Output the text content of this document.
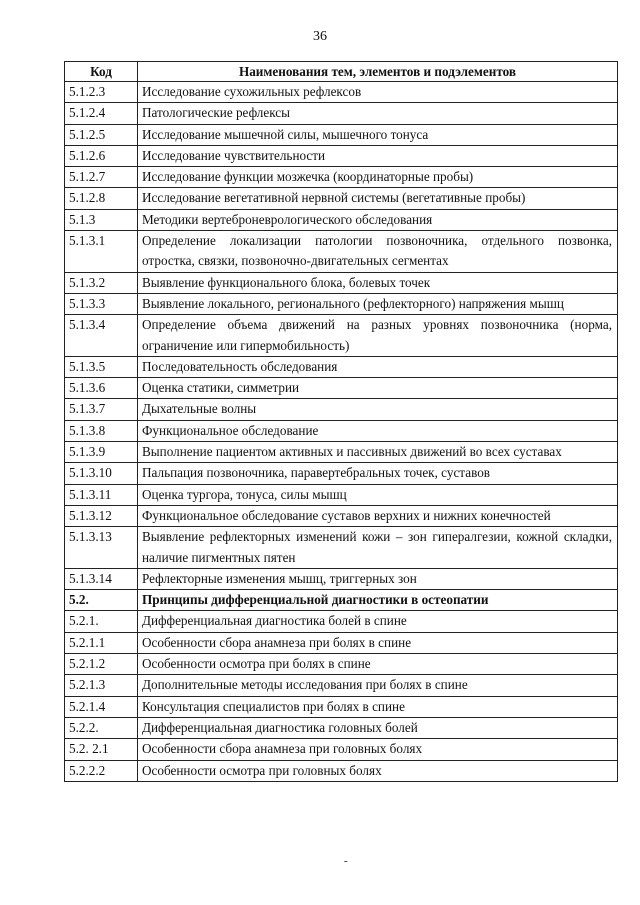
36
Код	Наименования тем, элементов и подэлементов
5.1.2.3	Исследование сухожильных рефлексов
5.1.2.4	Патологические рефлексы
5.1.2.5	Исследование мышечной силы, мышечного тонуса
5.1.2.6	Исследование чувствительности
5.1.2.7	Исследование функции мозжечка (координаторные пробы)
5.1.2.8	Исследование вегетативной нервной системы (вегетативные пробы)
5.1.3	Методики вертеброневрологического обследования
5.1.3.1	Определение локализации патологии позвоночника, отдельного позвонка, отростка, связки, позвоночно-двигательных сегментах
5.1.3.2	Выявление функционального блока, болевых точек
5.1.3.3	Выявление локального, регионального (рефлекторного) напряжения мышц
5.1.3.4	Определение объема движений на разных уровнях позвоночника (норма, ограничение или гипермобильность)
5.1.3.5	Последовательность обследования
5.1.3.6	Оценка статики, симметрии
5.1.3.7	Дыхательные волны
5.1.3.8	Функциональное обследование
5.1.3.9	Выполнение пациентом активных и пассивных движений во всех суставах
5.1.3.10	Пальпация позвоночника, паравертебральных точек, суставов
5.1.3.11	Оценка тургора, тонуса, силы мышц
5.1.3.12	Функциональное обследование суставов верхних и нижних конечностей
5.1.3.13	Выявление рефлекторных изменений кожи – зон гипералгезии, кожной складки, наличие пигментных пятен
5.1.3.14	Рефлекторные изменения мышц, триггерных зон
5.2.	Принципы дифференциальной диагностики в остеопатии
5.2.1.	Дифференциальная диагностика болей в спине
5.2.1.1	Особенности сбора анамнеза при болях в спине
5.2.1.2	Особенности осмотра при болях в спине
5.2.1.3	Дополнительные методы исследования при болях в спине
5.2.1.4	Консультация специалистов при болях в спине
5.2.2.	Дифференциальная диагностика головных болей
5.2. 2.1	Особенности сбора анамнеза при головных болях
5.2.2.2	Особенности осмотра при головных болях
-
